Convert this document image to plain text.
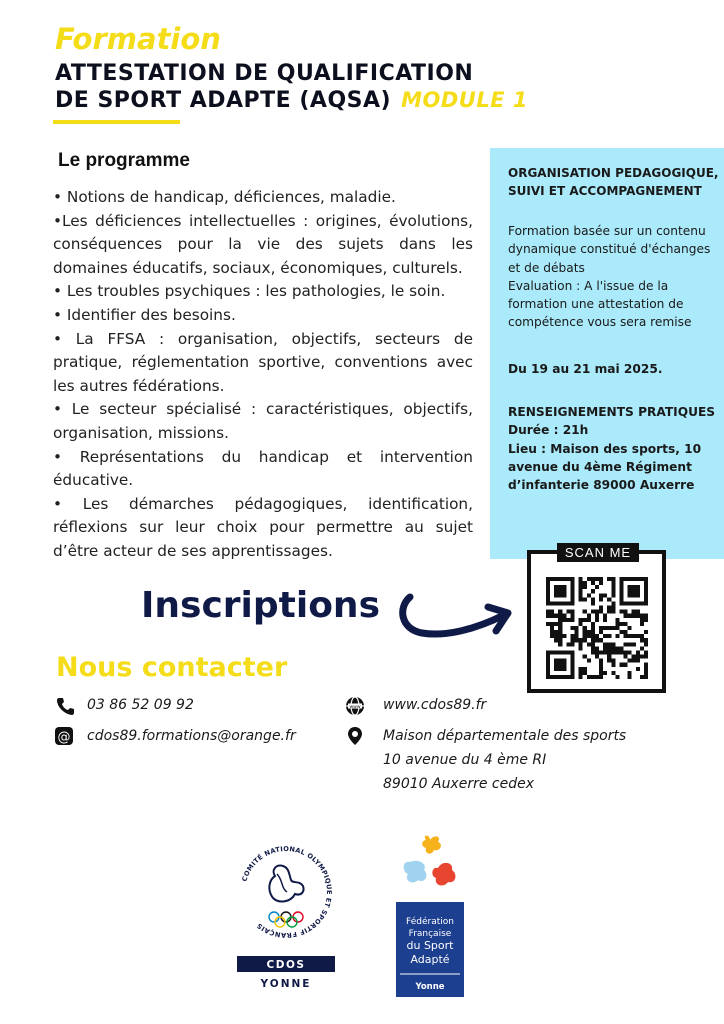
Formation
ATTESTATION DE QUALIFICATION
DE SPORT ADAPTE (AQSA) MODULE 1
Le programme

• Notions de handicap, déficiences, maladie.

•Les déficiences intellectuelles : origines, évolutions, conséquences pour la vie des sujets dans les domaines éducatifs, sociaux, économiques, culturels.

• Les troubles psychiques : les pathologies, le soin.

• Identifier des besoins.

• La FFSA : organisation, objectifs, secteurs de pratique, réglementation sportive, conventions avec les autres fédérations.

• Le secteur spécialisé : caractéristiques, objectifs, organisation, missions.

• Représentations du handicap et intervention éducative.

• Les démarches pédagogiques, identification, réflexions sur leur choix pour permettre au sujet d’être acteur de ses apprentissages.

ORGANISATION PEDAGOGIQUE, SUIVI ET ACCOMPAGNEMENT
Formation basée sur un contenu dynamique constitué d'échanges et de débats
Evaluation : A l'issue de la formation une attestation de compétence vous sera remise
Du 19 au 21 mai 2025.
RENSEIGNEMENTS PRATIQUES
Durée : 21h
Lieu : Maison des sports, 10 avenue du 4ème Régiment d’infanterie 89000 Auxerre
SCAN ME
Inscriptions
Nous contacter
03 86 52 09 92
@ cdos89.formations@orange.fr
www www.cdos89.fr
Maison départementale des sports
10 avenue du 4 ème RI
89010 Auxerre cedex
COMITÉ NATIONAL OLYMPIQUE ET SPORTIF FRANÇAIS
CDOS
YONNE
Fédération
Française
du Sport
Adapté
Yonne
